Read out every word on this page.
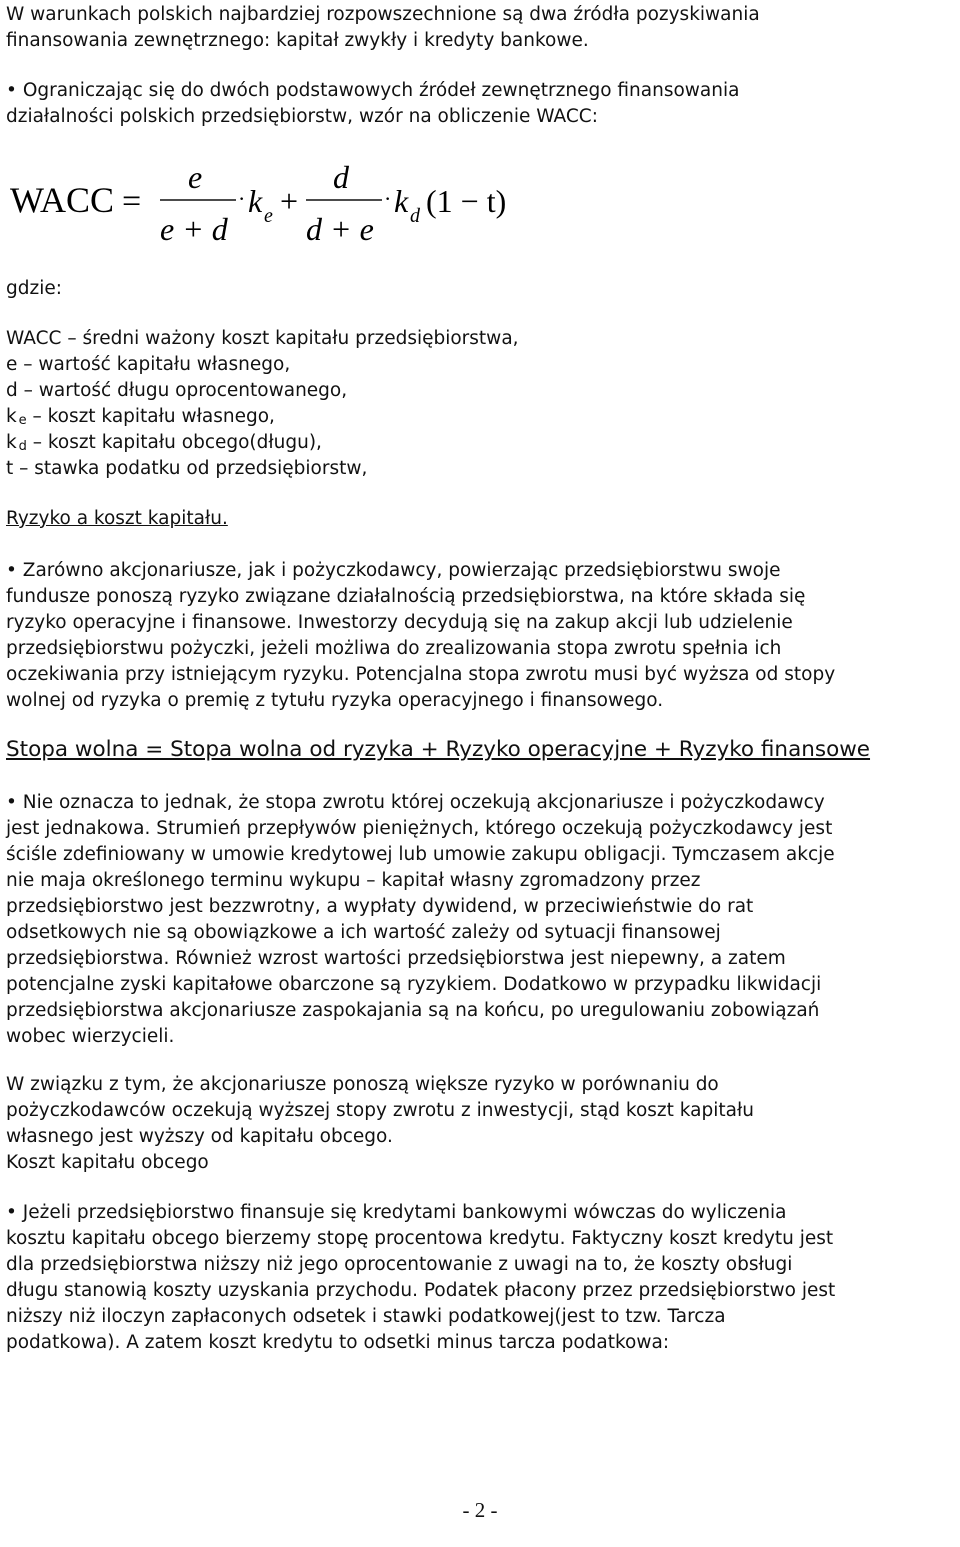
W warunkach polskich najbardziej rozpowszechnione są dwa źródła pozyskiwania
finansowania zewnętrznego: kapitał zwykły i kredyty bankowe.
• Ograniczając się do dwóch podstawowych źródeł zewnętrznego finansowania
działalności polskich przedsiębiorstw, wzór na obliczenie WACC:
WACC =
e
e + d
· k e +
d
d + e
· k d (1 − t)
gdzie:
WACC – średni ważony koszt kapitału przedsiębiorstwa,
e – wartość kapitału własnego,
d – wartość długu oprocentowanego,
k  e – koszt kapitału własnego,
k  d – koszt kapitału obcego(długu),
t – stawka podatku od przedsiębiorstw,
Ryzyko a koszt kapitału.
• Zarówno akcjonariusze, jak i pożyczkodawcy, powierzając przedsiębiorstwu swoje
fundusze ponoszą ryzyko związane działalnością przedsiębiorstwa, na które składa się
ryzyko operacyjne i finansowe. Inwestorzy decydują się na zakup akcji lub udzielenie
przedsiębiorstwu pożyczki, jeżeli możliwa do zrealizowania stopa zwrotu spełnia ich
oczekiwania przy istniejącym ryzyku. Potencjalna stopa zwrotu musi być wyższa od stopy
wolnej od ryzyka o premię z tytułu ryzyka operacyjnego i finansowego.
Stopa wolna = Stopa wolna od ryzyka + Ryzyko operacyjne + Ryzyko finansowe
• Nie oznacza to jednak, że stopa zwrotu której oczekują akcjonariusze i pożyczkodawcy
jest jednakowa. Strumień przepływów pieniężnych, którego oczekują pożyczkodawcy jest
ściśle zdefiniowany w umowie kredytowej lub umowie zakupu obligacji. Tymczasem akcje
nie maja określonego terminu wykupu – kapitał własny zgromadzony przez
przedsiębiorstwo jest bezzwrotny, a wypłaty dywidend, w przeciwieństwie do rat
odsetkowych nie są obowiązkowe a ich wartość zależy od sytuacji finansowej
przedsiębiorstwa. Również wzrost wartości przedsiębiorstwa jest niepewny, a zatem
potencjalne zyski kapitałowe obarczone są ryzykiem. Dodatkowo w przypadku likwidacji
przedsiębiorstwa akcjonariusze zaspokajania są na końcu, po uregulowaniu zobowiązań
wobec wierzycieli.
W związku z tym, że akcjonariusze ponoszą większe ryzyko w porównaniu do
pożyczkodawców oczekują wyższej stopy zwrotu z inwestycji, stąd koszt kapitału
własnego jest wyższy od kapitału obcego.
Koszt kapitału obcego
• Jeżeli przedsiębiorstwo finansuje się kredytami bankowymi wówczas do wyliczenia
kosztu kapitału obcego bierzemy stopę procentowa kredytu. Faktyczny koszt kredytu jest
dla przedsiębiorstwa niższy niż jego oprocentowanie z uwagi na to, że koszty obsługi
długu stanowią koszty uzyskania przychodu. Podatek płacony przez przedsiębiorstwo jest
niższy niż iloczyn zapłaconych odsetek i stawki podatkowej(jest to tzw. Tarcza
podatkowa). A zatem koszt kredytu to odsetki minus tarcza podatkowa:
- 2 -
